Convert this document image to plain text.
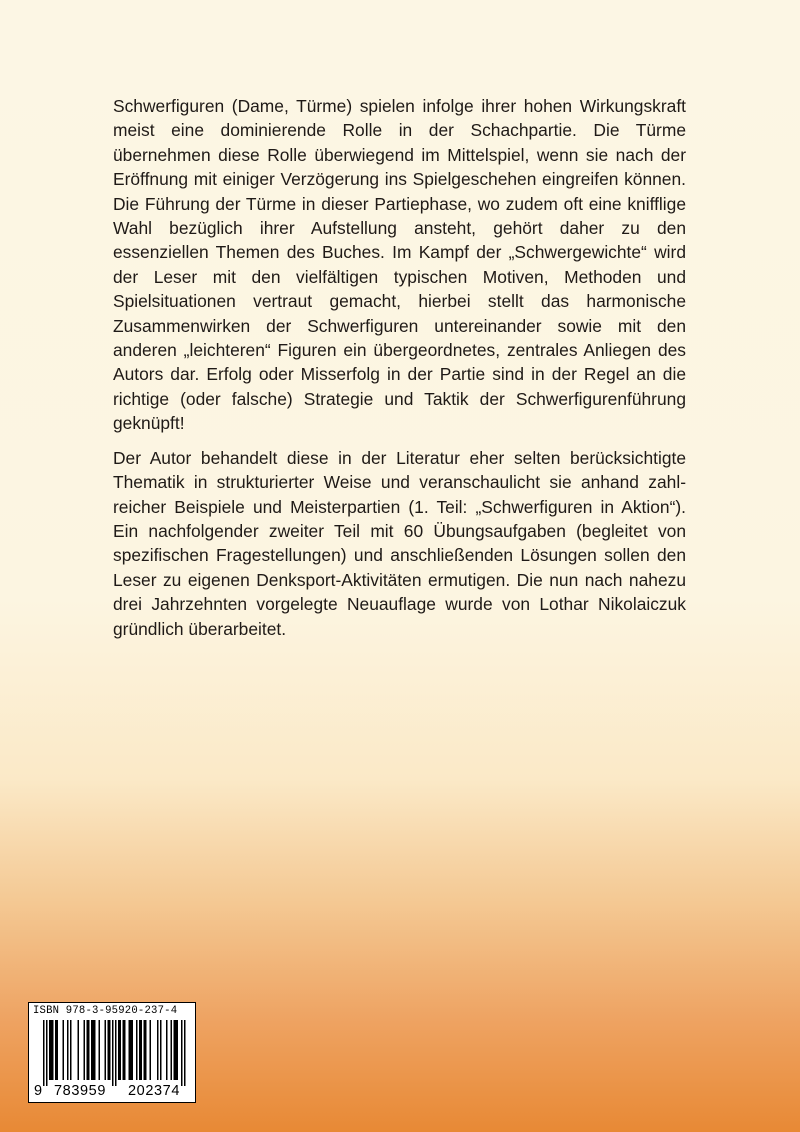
Schwerfiguren (Dame, Türme) spielen infolge ihrer hohen Wirkungskraft meist eine dominierende Rolle in der Schachpartie. Die Türme übernehmen diese Rolle überwiegend im Mittelspiel, wenn sie nach der Eröffnung mit einiger Verzögerung ins Spielgeschehen eingreifen können. Die Führung der Türme in dieser Partiephase, wo zudem oft eine knifflige Wahl bezüglich ihrer Aufstellung ansteht, gehört daher zu den essenziellen Themen des Buches. Im Kampf der „Schwergewichte“ wird der Leser mit den vielfältigen typischen Motiven, Methoden und Spielsituationen vertraut gemacht, hierbei stellt das harmonische Zusammenwirken der Schwerfiguren untereinander sowie mit den anderen „leichteren“ Figuren ein übergeordnetes, zentrales Anliegen des Autors dar. Erfolg oder Misserfolg in der Partie sind in der Regel an die richtige (oder falsche) Strategie und Taktik der Schwerfigurenführung geknüpft!

Der Autor behandelt diese in der Literatur eher selten berücksichtigte Thematik in strukturierter Weise und veranschaulicht sie anhand zahlreicher Beispiele und Meisterpartien (1. Teil: „Schwerfiguren in Aktion“). Ein nachfolgender zweiter Teil mit 60 Übungsaufgaben (begleitet von spezifischen Fragestellungen) und anschließenden Lösungen sollen den Leser zu eigenen Denksport-Aktivitäten ermutigen. Die nun nach nahezu drei Jahrzehnten vorgelegte Neuauflage wurde von Lothar Nikolaiczuk gründlich überarbeitet.

ISBN 978-3-95920-237-4
9 783959 202374
